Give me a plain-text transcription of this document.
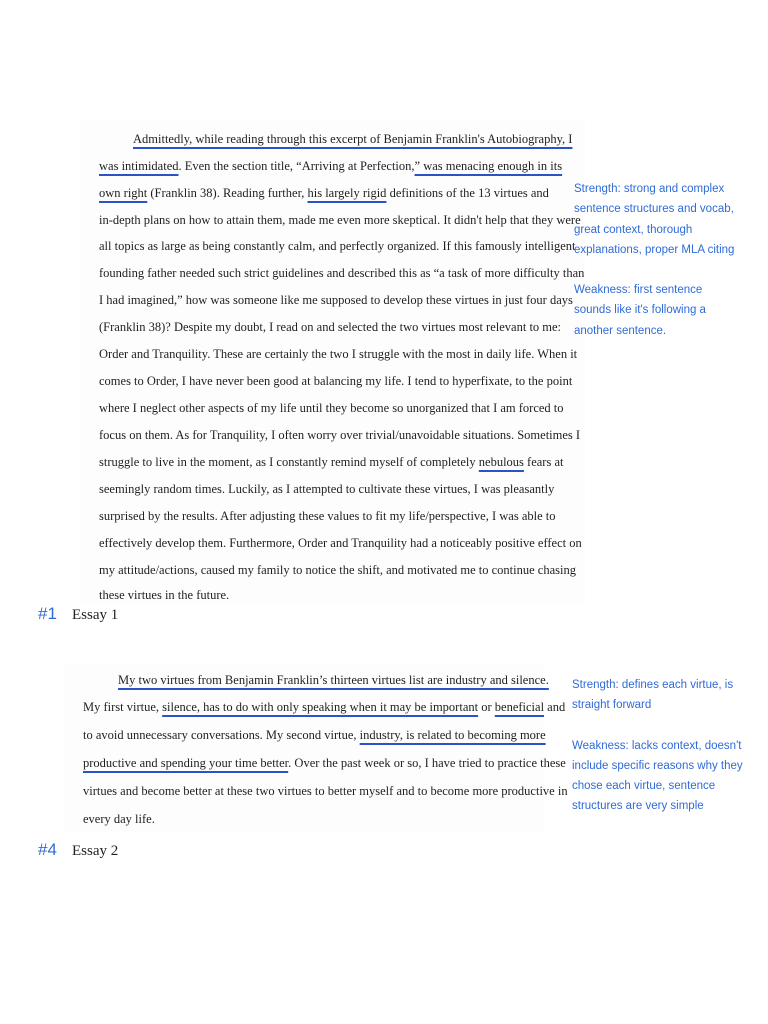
Admittedly, while reading through this excerpt of Benjamin Franklin's Autobiography, I
was intimidated. Even the section title, “Arriving at Perfection,” was menacing enough in its
own right (Franklin 38). Reading further, his largely rigid definitions of the 13 virtues and
in-depth plans on how to attain them, made me even more skeptical. It didn't help that they were
all topics as large as being constantly calm, and perfectly organized. If this famously intelligent
founding father needed such strict guidelines and described this as “a task of more difficulty than
I had imagined,” how was someone like me supposed to develop these virtues in just four days
(Franklin 38)? Despite my doubt, I read on and selected the two virtues most relevant to me:
Order and Tranquility. These are certainly the two I struggle with the most in daily life. When it
comes to Order, I have never been good at balancing my life. I tend to hyperfixate, to the point
where I neglect other aspects of my life until they become so unorganized that I am forced to
focus on them. As for Tranquility, I often worry over trivial/unavoidable situations. Sometimes I
struggle to live in the moment, as I constantly remind myself of completely nebulous fears at
seemingly random times. Luckily, as I attempted to cultivate these virtues, I was pleasantly
surprised by the results. After adjusting these values to fit my life/perspective, I was able to
effectively develop them. Furthermore, Order and Tranquility had a noticeably positive effect on
my attitude/actions, caused my family to notice the shift, and motivated me to continue chasing
these virtues in the future.

Strength: strong and complex sentence structures and vocab, great context, thorough explanations, proper MLA citing

Weakness: first sentence sounds like it's following a another sentence.

#1 Essay 1
My two virtues from Benjamin Franklin’s thirteen virtues list are industry and silence.
My first virtue, silence, has to do with only speaking when it may be important or beneficial and
to avoid unnecessary conversations. My second virtue, industry, is related to becoming more
productive and spending your time better. Over the past week or so, I have tried to practice these
virtues and become better at these two virtues to better myself and to become more productive in
every day life.

Strength: defines each virtue, is straight forward

Weakness: lacks context, doesn't include specific reasons why they chose each virtue, sentence structures are very simple

#4 Essay 2
